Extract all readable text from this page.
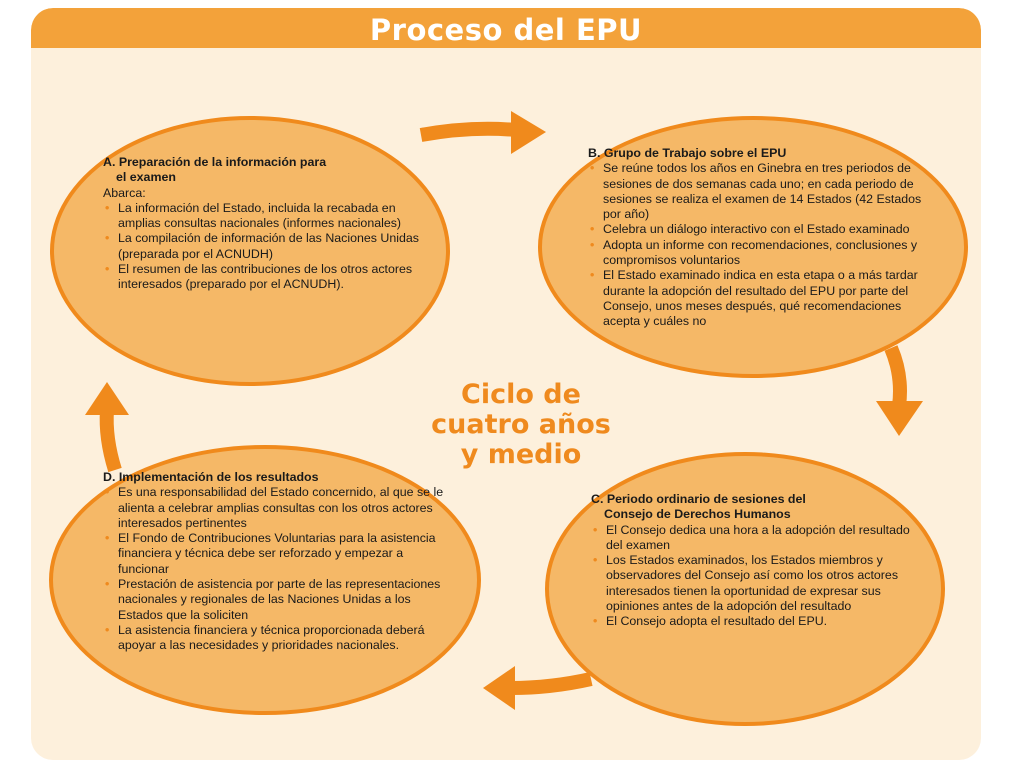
Proceso del EPU
Ciclo de
cuatro años
y medio
A. Preparación de la información para
el examen
Abarca:
• La información del Estado, incluida la recabada en amplias consultas nacionales (informes nacionales)
• La compilación de información de las Naciones Unidas (preparada por el ACNUDH)
• El resumen de las contribuciones de los otros actores interesados (preparado por el ACNUDH).
B. Grupo de Trabajo sobre el EPU
• Se reúne todos los años en Ginebra en tres periodos de sesiones de dos semanas cada uno; en cada periodo de sesiones se realiza el examen de 14 Estados (42 Estados por año)
• Celebra un diálogo interactivo con el Estado examinado
• Adopta un informe con recomendaciones, conclusiones y compromisos voluntarios
• El Estado examinado indica en esta etapa o a más tardar durante la adopción del resultado del EPU por parte del Consejo, unos meses después, qué recomendaciones acepta y cuáles no
D. Implementación de los resultados
• Es una responsabilidad del Estado concernido, al que se le alienta a celebrar amplias consultas con los otros actores interesados pertinentes
• El Fondo de Contribuciones Voluntarias para la asistencia financiera y técnica debe ser reforzado y empezar a funcionar
• Prestación de asistencia por parte de las representaciones nacionales y regionales de las Naciones Unidas a los Estados que la soliciten
• La asistencia financiera y técnica proporcionada deberá apoyar a las necesidades y prioridades nacionales.
C. Periodo ordinario de sesiones del
Consejo de Derechos Humanos
• El Consejo dedica una hora a la adopción del resultado del examen
• Los Estados examinados, los Estados miembros y observadores del Consejo así como los otros actores interesados tienen la oportunidad de expresar sus opiniones antes de la adopción del resultado
• El Consejo adopta el resultado del EPU.
